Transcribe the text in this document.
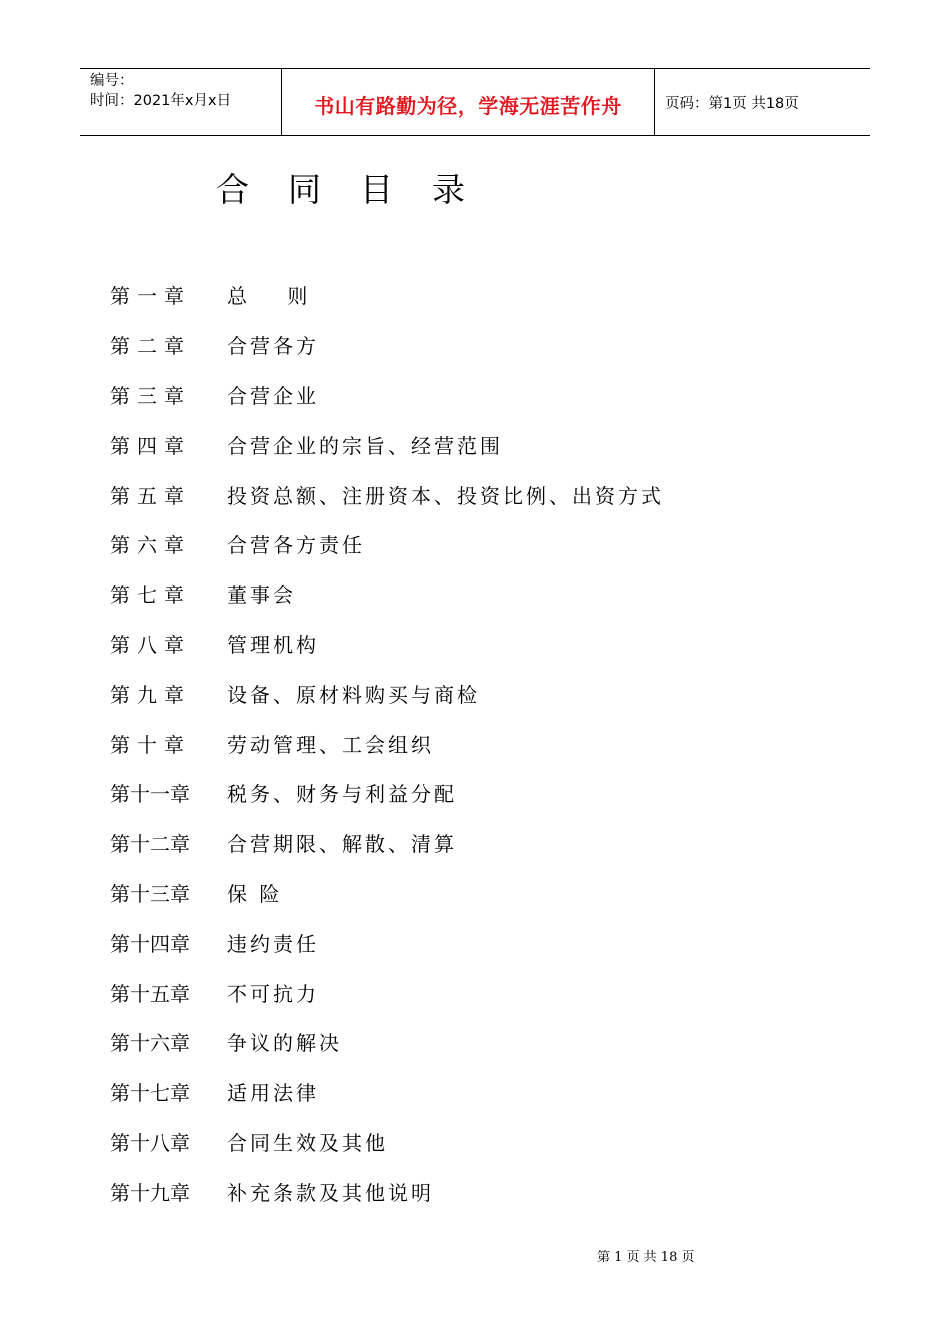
编号：
时间：2021年x月x日	书山有路勤为径，学海无涯苦作舟	页码：第1页 共18页
合 同 目 录
第一章	总    则
第二章	合营各方
第三章	合营企业
第四章	合营企业的宗旨、经营范围
第五章	投资总额、注册资本、投资比例、出资方式
第六章	合营各方责任
第七章	董事会
第八章	管理机构
第九章	设备、原材料购买与商检
第十章	劳动管理、工会组织
第十一章	税务、财务与利益分配
第十二章	合营期限、解散、清算
第十三章	保 险
第十四章	违约责任
第十五章	不可抗力
第十六章	争议的解决
第十七章	适用法律
第十八章	合同生效及其他
第十九章	补充条款及其他说明
第 1 页 共 18 页
